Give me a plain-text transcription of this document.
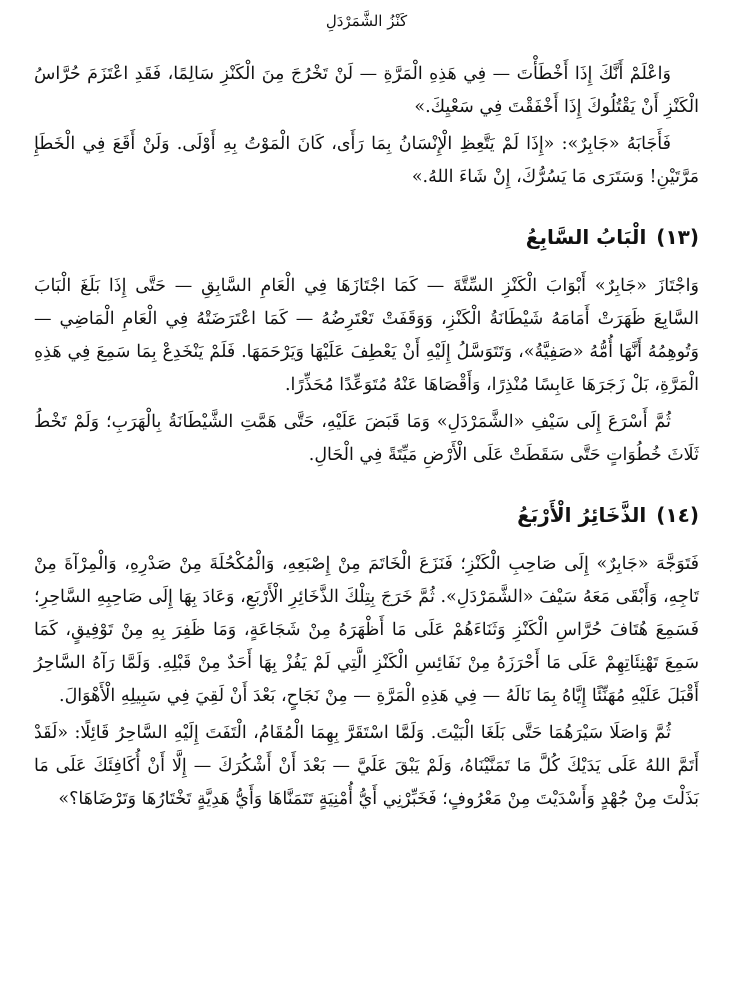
كَنْزُ الشَّمَرْدَلِ

وَاعْلَمْ أَنَّكَ إِذَا أَخْطَأْتَ — فِي هَذِهِ الْمَرَّةِ — لَنْ تَخْرُجَ مِنَ الْكَنْزِ سَالِمًا، فَقَدِ اعْتَزَمَ حُرَّاسُ الْكَنْزِ أَنْ يَقْتُلُوكَ إِذَا أَخْفَقْتَ فِي سَعْيِكَ.»

فَأَجَابَهُ «جَابِرٌ»: «إِذَا لَمْ يَتَّعِظِ الْإِنْسَانُ بِمَا رَأَى، كَانَ الْمَوْتُ بِهِ أَوْلَى. وَلَنْ أَقَعَ فِي الْخَطَإِ مَرَّتَيْنِ! وَسَتَرَى مَا يَسُرُّكَ، إِنْ شَاءَ اللهُ.»

(١٣)الْبَابُ السَّابِعُ

وَاجْتَازَ «جَابِرٌ» أَبْوَابَ الْكَنْزِ السِّتَّةَ — كَمَا اجْتَازَهَا فِي الْعَامِ السَّابِقِ — حَتَّى إِذَا بَلَغَ الْبَابَ السَّابِعَ ظَهَرَتْ أَمَامَهُ شَيْطَانَةُ الْكَنْزِ، وَوَقَفَتْ تَعْتَرِضُهُ — كَمَا اعْتَرَضَتْهُ فِي الْعَامِ الْمَاضِي — وَتُوهِمُهُ أَنَّهَا أُمُّهُ «صَفِيَّةُ»، وَتَتَوَسَّلُ إِلَيْهِ أَنْ يَعْطِفَ عَلَيْهَا وَيَرْحَمَهَا. فَلَمْ يَنْخَدِعْ بِمَا سَمِعَ فِي هَذِهِ الْمَرَّةِ، بَلْ زَجَرَهَا عَابِسًا مُنْذِرًا، وَأَقْصَاهَا عَنْهُ مُتَوَعِّدًا مُحَذِّرًا.

ثُمَّ أَسْرَعَ إِلَى سَيْفِ «الشَّمَرْدَلِ» وَمَا قَبَضَ عَلَيْهِ، حَتَّى هَمَّتِ الشَّيْطَانَةُ بِالْهَرَبِ؛ وَلَمْ تَخْطُ ثَلَاثَ خُطُوَاتٍ حَتَّى سَقَطَتْ عَلَى الْأَرْضِ مَيِّتَةً فِي الْحَالِ.

(١٤)الذَّخَائِرُ الْأَرْبَعُ

فَتَوَجَّهَ «جَابِرٌ» إِلَى صَاحِبِ الْكَنْزِ؛ فَنَزَعَ الْخَاتَمَ مِنْ إِصْبَعِهِ، وَالْمُكْحُلَةَ مِنْ صَدْرِهِ، وَالْمِرْآةَ مِنْ تَاجِهِ، وَأَبْقَى مَعَهُ سَيْفَ «الشَّمَرْدَلِ». ثُمَّ خَرَجَ بِتِلْكَ الذَّخَائِرِ الْأَرْبَعِ، وَعَادَ بِهَا إِلَى صَاحِبِهِ السَّاحِرِ؛ فَسَمِعَ هُتَافَ حُرَّاسِ الْكَنْزِ وَثَنَاءَهُمْ عَلَى مَا أَظْهَرَهُ مِنْ شَجَاعَةٍ، وَمَا ظَفِرَ بِهِ مِنْ تَوْفِيقٍ، كَمَا سَمِعَ تَهْنِئَاتِهِمْ عَلَى مَا أَحْرَزَهُ مِنْ نَفَائِسِ الْكَنْزِ الَّتِي لَمْ يَفُزْ بِهَا أَحَدٌ مِنْ قَبْلِهِ. وَلَمَّا رَآهُ السَّاحِرُ أَقْبَلَ عَلَيْهِ مُهَنِّئًا إِيَّاهُ بِمَا نَالَهُ — فِي هَذِهِ الْمَرَّةِ — مِنْ نَجَاحٍ، بَعْدَ أَنْ لَقِيَ فِي سَبِيلِهِ الْأَهْوَالَ.

ثُمَّ وَاصَلَا سَيْرَهُمَا حَتَّى بَلَغَا الْبَيْتَ. وَلَمَّا اسْتَقَرَّ بِهِمَا الْمُقَامُ، الْتَفَتَ إِلَيْهِ السَّاحِرُ قَائِلًا: «لَقَدْ أَتَمَّ اللهُ عَلَى يَدَيْكَ كُلَّ مَا تَمَنَّيْنَاهُ، وَلَمْ يَبْقَ عَلَيَّ — بَعْدَ أَنْ أَشْكُرَكَ — إِلَّا أَنْ أُكَافِئَكَ عَلَى مَا بَذَلْتَ مِنْ جُهْدٍ وَأَسْدَيْتَ مِنْ مَعْرُوفٍ؛ فَخَبِّرْنِي أَيُّ أُمْنِيَةٍ تَتَمَنَّاهَا وَأَيُّ هَدِيَّةٍ تَخْتَارُهَا وَتَرْضَاهَا؟»
